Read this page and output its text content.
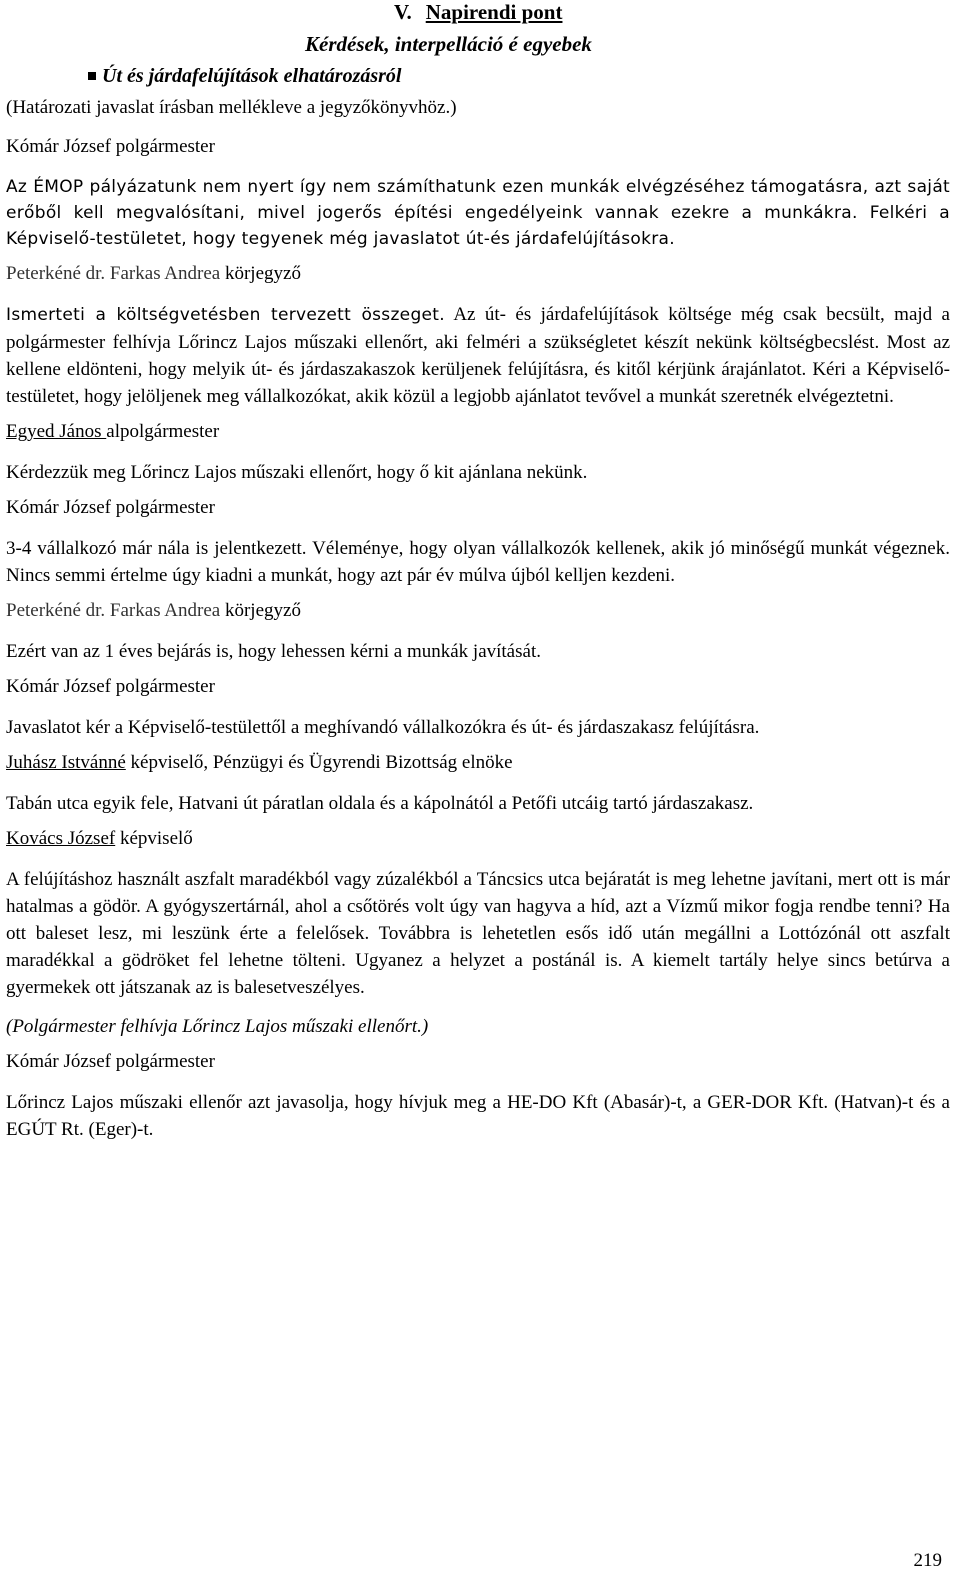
V. Napirendi pont

Kérdések, interpelláció é egyebek

Út és járdafelújítások elhatározásról

(Határozati javaslat írásban mellékleve a jegyzőkönyvhöz.)

Kómár József polgármester

Az ÉMOP pályázatunk nem nyert így nem számíthatunk ezen munkák elvégzéséhez támogatásra, azt saját erőből kell megvalósítani, mivel jogerős építési engedélyeink vannak ezekre a munkákra. Felkéri a Képviselő-testületet, hogy tegyenek még javaslatot út-és járdafelújításokra.

Peterkéné dr. Farkas Andrea körjegyző

Ismerteti a költségvetésben tervezett összeget. Az út- és járdafelújítások költsége még csak becsült, majd a polgármester felhívja Lőrincz Lajos műszaki ellenőrt, aki felméri a szükségletet készít nekünk költségbecslést. Most az kellene eldönteni, hogy melyik út- és járdaszakaszok kerüljenek felújításra, és kitől kérjünk árajánlatot. Kéri a Képviselő-testületet, hogy jelöljenek meg vállalkozókat, akik közül a legjobb ajánlatot tevővel a munkát szeretnék elvégeztetni.

Egyed János alpolgármester

Kérdezzük meg Lőrincz Lajos műszaki ellenőrt, hogy ő kit ajánlana nekünk.

Kómár József polgármester

3-4 vállalkozó már nála is jelentkezett. Véleménye, hogy olyan vállalkozók kellenek, akik jó minőségű munkát végeznek. Nincs semmi értelme úgy kiadni a munkát, hogy azt pár év múlva újból kelljen kezdeni.

Peterkéné dr. Farkas Andrea körjegyző

Ezért van az 1 éves bejárás is, hogy lehessen kérni a munkák javítását.

Kómár József polgármester

Javaslatot kér a Képviselő-testülettől a meghívandó vállalkozókra és út- és járdaszakasz felújításra.

Juhász Istvánné képviselő, Pénzügyi és Ügyrendi Bizottság elnöke

Tabán utca egyik fele, Hatvani út páratlan oldala és a kápolnától a Petőfi utcáig tartó járdaszakasz.

Kovács József képviselő

A felújításhoz használt aszfalt maradékból vagy zúzalékból a Táncsics utca bejáratát is meg lehetne javítani, mert ott is már hatalmas a gödör. A gyógyszertárnál, ahol a csőtörés volt úgy van hagyva a híd, azt a Vízmű mikor fogja rendbe tenni? Ha ott baleset lesz, mi leszünk érte a felelősek. Továbbra is lehetetlen esős idő után megállni a Lottózónál ott aszfalt maradékkal a gödröket fel lehetne tölteni. Ugyanez a helyzet a postánál is. A kiemelt tartály helye sincs betúrva a gyermekek ott játszanak az is balesetveszélyes.

(Polgármester felhívja Lőrincz Lajos műszaki ellenőrt.)

Kómár József polgármester

Lőrincz Lajos műszaki ellenőr azt javasolja, hogy hívjuk meg a HE-DO Kft (Abasár)-t, a GER-DOR Kft. (Hatvan)-t és a EGÚT Rt. (Eger)-t.

219
